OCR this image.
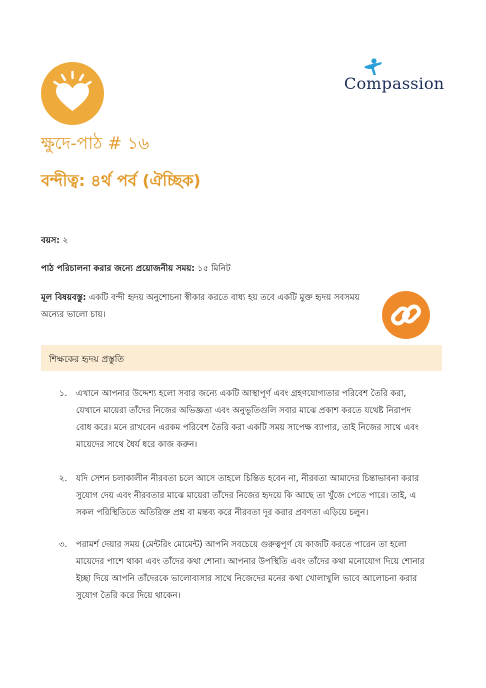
Compassion
ক্ষুদে-পাঠ # ১৬
বন্দীত্ব: ৪র্থ পর্ব (ঐচ্ছিক)
বয়স: ২
পাঠ পরিচালনা করার জন্যে প্রয়োজনীয় সময়: ১৫ মিনিট
মূল বিষয়বস্তু: একটি বন্দী হৃদয় অনুশোচনা স্বীকার করতে বাধ্য হয় তবে একটি মুক্ত হৃদয় সবসময় অন্যের ভালো চায়।
শিক্ষকের হৃদয় প্রস্তুতি
১. এখানে আপনার উদ্দেশ্য হলো সবার জন্যে একটি আস্থাপূর্ণ এবং গ্রহণযোগ্যতার পরিবেশ তৈরি করা, যেখানে মায়েরা তাঁদের নিজের অভিজ্ঞতা এবং অনুভূতিগুলি সবার মাঝে প্রকাশ করতে যথেষ্ট নিরাপদ বোধ করে। মনে রাখবেন এরকম পরিবেশ তৈরি করা একটি সময় সাপেক্ষ ব্যাপার, তাই নিজের সাথে এবং মায়েদের সাথে ধৈর্য ধরে কাজ করুন।
২. যদি সেশন চলাকালীন নীরবতা চলে আসে তাহলে চিন্তিত হবেন না, নীরবতা আমাদের চিন্তাভাবনা করার সুযোগ দেয় এবং নীরবতার মাঝে মায়েরা তাঁদের নিজের হৃদয়ে কি আছে তা খুঁজে পেতে পারে। তাই, এ সকল পরিস্থিতিতে অতিরিক্ত প্রশ্ন বা মন্তব্য করে নীরবতা দূর করার প্রবণতা এড়িয়ে চলুন।
৩. পরামর্শ দেয়ার সময় (মেন্টরিং মোমেন্ট) আপনি সবচেয়ে গুরুত্বপূর্ণ যে কাজটি করতে পারেন তা হলো মায়েদের পাশে থাকা এবং তাঁদের কথা শোনা। আপনার উপস্থিতি এবং তাঁদের কথা মনোযোগ দিয়ে শোনার ইচ্ছা দিয়ে আপনি তাঁদেরকে ভালোবাসার সাথে নিজেদের মনের কথা খোলাখুলি ভাবে আলোচনা করার সুযোগ তৈরি করে দিয়ে থাকেন।
